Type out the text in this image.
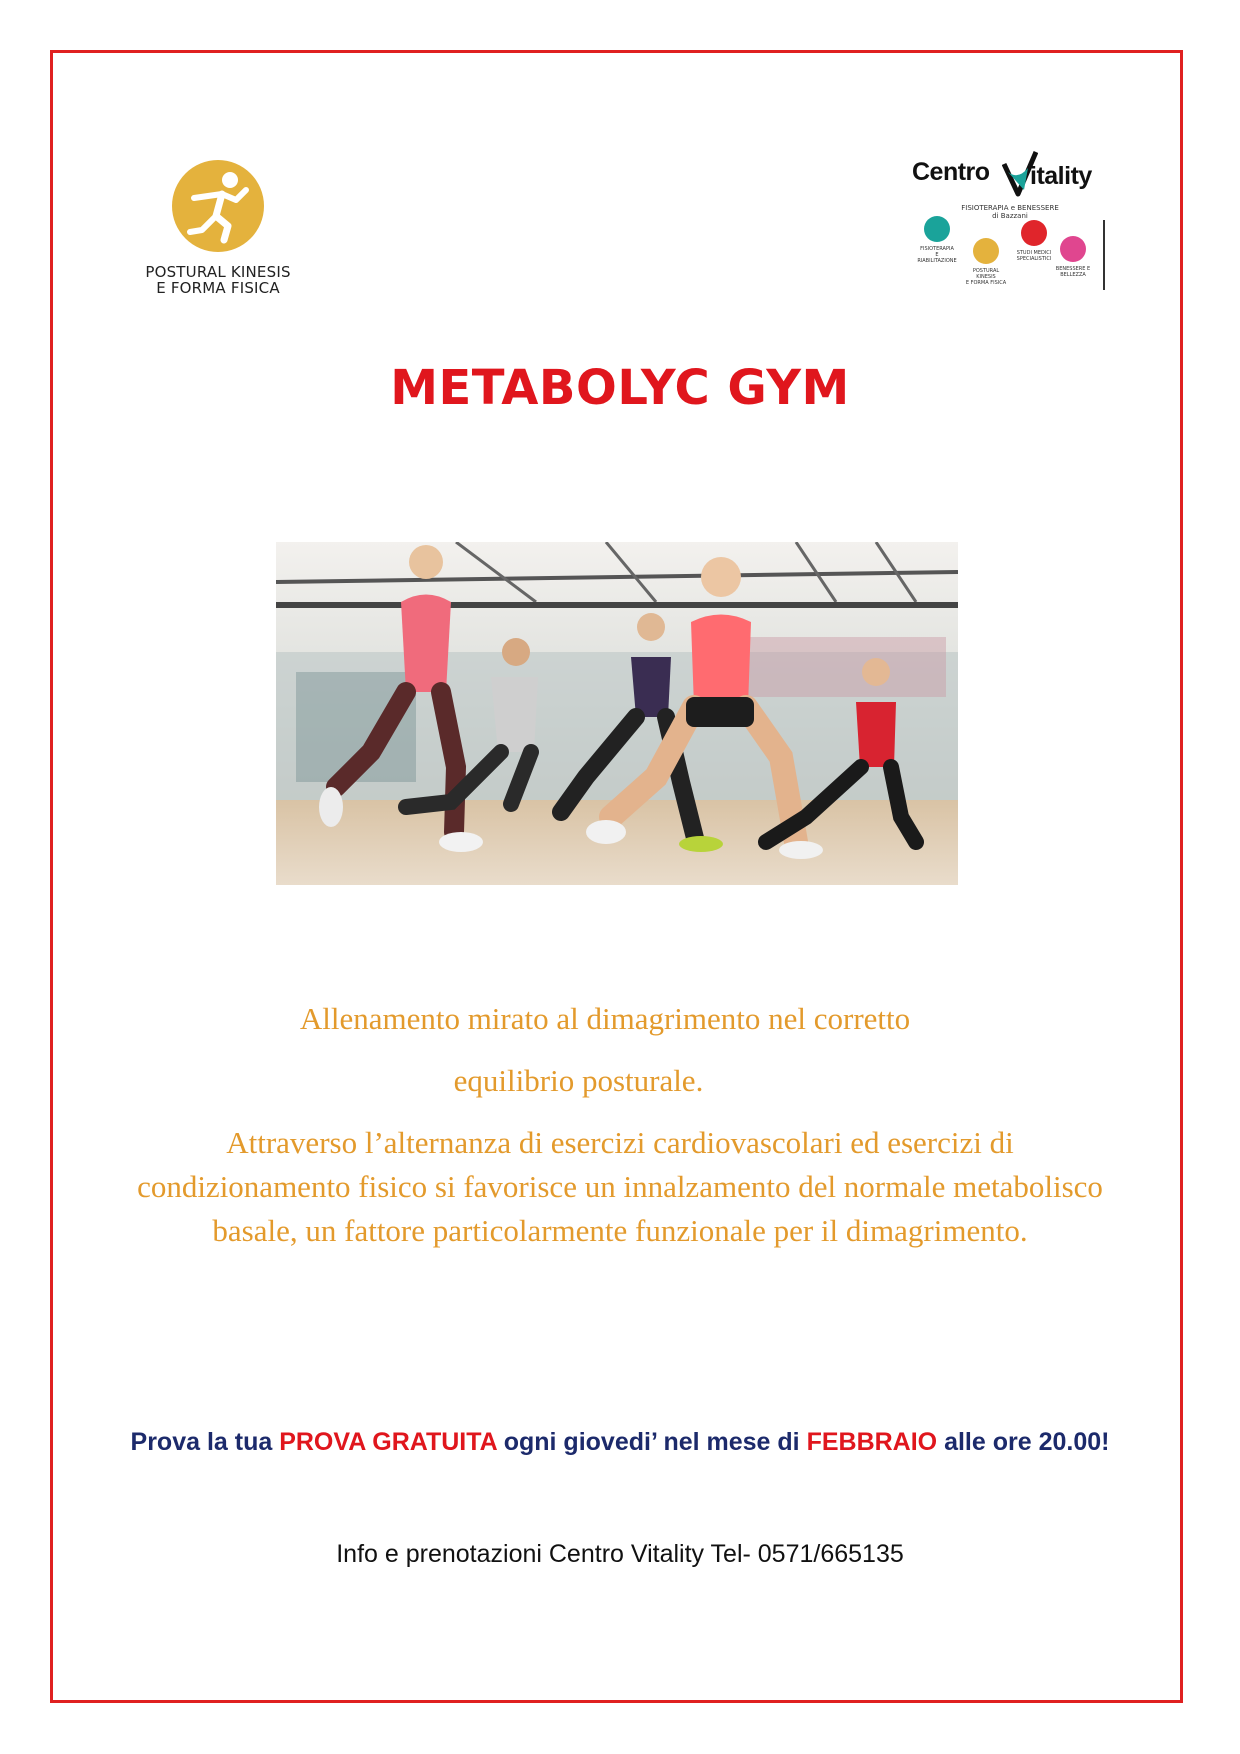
POSTURAL KINESIS
E FORMA FISICA
Centro itality
FISIOTERAPIA e BENESSERE
di Bazzani
FISIOTERAPIA
E RIABILITAZIONE
POSTURAL KINESIS
E FORMA FISICA
STUDI MEDICI
SPECIALISTICI
BENESSERE E
BELLEZZA
METABOLYC GYM
Allenamento mirato al dimagrimento nel corretto
equilibrio posturale.
Attraverso l’alternanza di esercizi cardiovascolari ed esercizi di condizionamento fisico si favorisce un innalzamento del normale metabolisco basale, un fattore particolarmente funzionale per il dimagrimento.
Prova la tua PROVA GRATUITA ogni giovedi’ nel mese di FEBBRAIO alle ore 20.00!
Info e prenotazioni Centro Vitality Tel- 0571/665135
